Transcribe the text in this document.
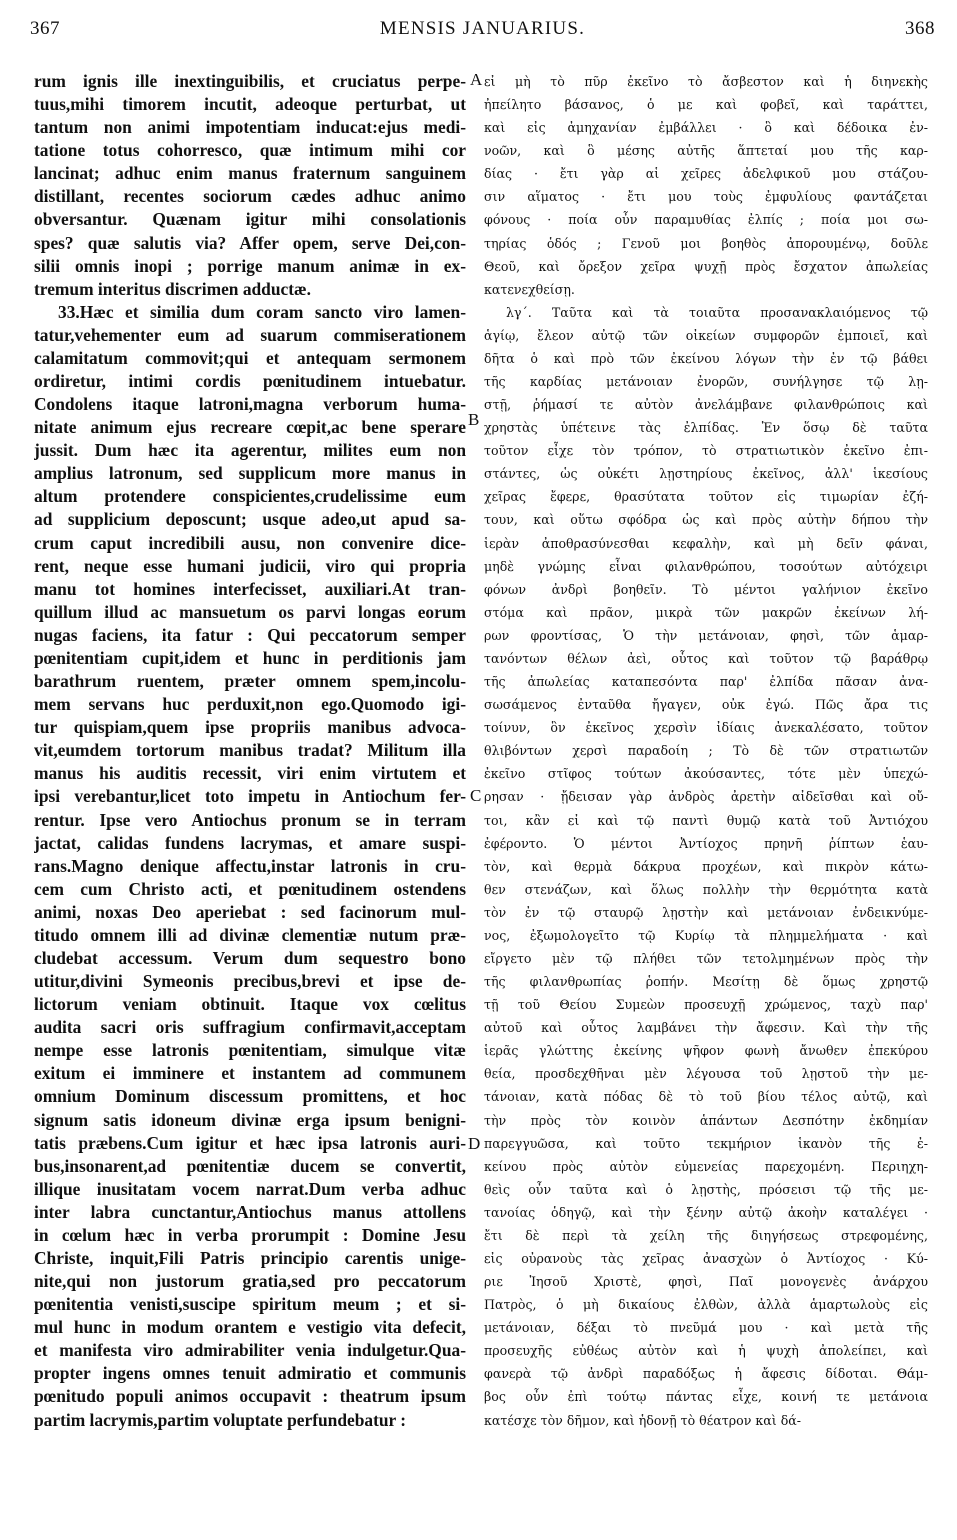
367	MENSIS JANUARIUS.	368
rum ignis ille inextinguibilis, et cruciatus perpe-
tuus,mihi timorem incutit, adeoque perturbat, ut
tantum non animi impotentiam inducat:ejus medi-
tatione totus cohorresco, quæ intimum mihi cor
lancinat; adhuc enim manus fraternum sanguinem
distillant, recentes sociorum cædes adhuc animo
obversantur. Quænam igitur mihi consolationis
spes? quæ salutis via? Affer opem, serve Dei,con-
silii omnis inopi ; porrige manum animæ in ex-
tremum interitus discrimen adductæ.
33.Hæc et similia dum coram sancto viro lamen-
tatur,vehementer eum ad suarum commiserationem
calamitatum commovit;qui et antequam sermonem
ordiretur, intimi cordis pœnitudinem intuebatur.
Condolens itaque latroni,magna verborum huma-
nitate animum ejus recreare cœpit,ac bene sperare
jussit. Dum hæc ita agerentur, milites eum non
amplius latronum, sed supplicum more manus in
altum protendere conspicientes,crudelissime eum
ad supplicium deposcunt; usque adeo,ut apud sa-
crum caput incredibili ausu, non convenire dice-
rent, neque esse humani judicii, viro qui propria
manu tot homines interfecisset, auxiliari.At tran-
quillum illud ac mansuetum os parvi longas eorum
nugas faciens, ita fatur : Qui peccatorum semper
pœnitentiam cupit,idem et hunc in perditionis jam
barathrum ruentem, præter omnem spem,incolu-
mem servans huc perduxit,non ego.Quomodo igi-
tur quispiam,quem ipse propriis manibus advoca-
vit,eumdem tortorum manibus tradat? Militum illa
manus his auditis recessit, viri enim virtutem et
ipsi verebantur,licet toto impetu in Antiochum fer-
rentur. Ipse vero Antiochus pronum se in terram
jactat, calidas fundens lacrymas, et amare suspi-
rans.Magno denique affectu,instar latronis in cru-
cem cum Christo acti, et pœnitudinem ostendens
animi, noxas Deo aperiebat : sed facinorum mul-
titudo omnem illi ad divinæ clementiæ nutum præ-
cludebat accessum. Verum dum sequestro bono
utitur,divini Symeonis precibus,brevi et ipse de-
lictorum veniam obtinuit. Itaque vox cœlitus
audita sacri oris suffragium confirmavit,acceptam
nempe esse latronis pœnitentiam, simulque vitæ
exitum ei imminere et instantem ad communem
omnium Dominum discessum promittens, et hoc
signum satis idoneum divinæ erga ipsum benigni-
tatis præbens.Cum igitur et hæc ipsa latronis auri-
bus,insonarent,ad pœnitentiæ ducem se convertit,
illique inusitatam vocem narrat.Dum verba adhuc
inter labra cunctantur,Antiochus manus attollens
in cœlum hæc in verba prorumpit : Domine Jesu
Christe, inquit,Fili Patris principio carentis unige-
nite,qui non justorum gratia,sed pro peccatorum
pœnitentia venisti,suscipe spiritum meum ; et si-
mul hunc in modum orantem e vestigio vita defecit,
et manifesta viro admirabiliter venia indulgetur.Qua-
propter ingens omnes tenuit admiratio et communis
pœnitudo populi animos occupavit : theatrum ipsum
partim lacrymis,partim voluptate perfundebatur :
εἰ μὴ τὸ πῦρ ἐκεῖνο τὸ ἄσβεστον καὶ ἡ διηνεκὴς
ἠπείλητο βάσανος, ὁ με καὶ φοβεῖ, καὶ ταράττει,
καὶ εἰς ἀμηχανίαν ἐμβάλλει · ὃ καὶ δέδοικα ἐν-
νοῶν, καὶ ὃ μέσης αὐτῆς ἅπτεταί μου τῆς καρ-
δίας · ἔτι γὰρ αἱ χεῖρες ἀδελφικοῦ μου στάζου-
σιν αἵματος · ἔτι μου τοὺς ἐμφυλίους φαντάζεται
φόνους · ποία οὖν παραμυθίας ἐλπίς ; ποία μοι σω-
τηρίας ὁδός ; Γενοῦ μοι βοηθὸς ἀπορουμένῳ, δοῦλε
Θεοῦ, καὶ ὄρεξον χεῖρα ψυχῇ πρὸς ἔσχατον ἀπωλείας
κατενεχθείσῃ.
λγ΄. Ταῦτα καὶ τὰ τοιαῦτα προσανακλαιόμενος τῷ
ἁγίῳ, ἔλεον αὐτῷ τῶν οἰκείων συμφορῶν ἐμποιεῖ, καὶ
δῆτα ὁ καὶ πρὸ τῶν ἐκείνου λόγων τὴν ἐν τῷ βάθει
τῆς καρδίας μετάνοιαν ἐνορῶν, συνήλγησε τῷ λῃ-
στῇ, ῥήμασί τε αὐτὸν ἀνελάμβανε φιλανθρώποις καὶ
χρηστὰς ὑπέτεινε τὰς ἐλπίδας. Ἐν ὅσῳ δὲ ταῦτα
τοῦτον εἶχε τὸν τρόπον, τὸ στρατιωτικὸν ἐκεῖνο ἐπι-
στάντες, ὡς οὐκέτι λῃστηρίους ἐκεῖνος, ἀλλ' ἱκεσίους
χεῖρας ἔφερε, θρασύτατα τοῦτον εἰς τιμωρίαν ἐζή-
τουν, καὶ οὕτω σφόδρα ὡς καὶ πρὸς αὐτὴν δήπου τὴν
ἱερὰν ἀποθρασύνεσθαι κεφαλὴν, καὶ μὴ δεῖν φάναι,
μηδὲ γνώμης εἶναι φιλανθρώπου, τοσούτων αὐτόχειρι
φόνων ἀνδρὶ βοηθεῖν. Τὸ μέντοι γαλήνιον ἐκεῖνο
στόμα καὶ πρᾶον, μικρὰ τῶν μακρῶν ἐκείνων λή-
ρων φροντίσας, Ὁ τὴν μετάνοιαν, φησὶ, τῶν ἁμαρ-
τανόντων θέλων ἀεὶ, οὗτος καὶ τοῦτον τῷ βαράθρῳ
τῆς ἀπωλείας καταπεσόντα παρ' ἐλπίδα πᾶσαν ἀνα-
σωσάμενος ἐνταῦθα ἤγαγεν, οὐκ ἐγώ. Πῶς ἄρα τις
τοίνυν, ὃν ἐκεῖνος χερσὶν ἰδίαις ἀνεκαλέσατο, τοῦτον
θλιβόντων χερσὶ παραδοίη ; Τὸ δὲ τῶν στρατιωτῶν
ἐκεῖνο στῖφος τούτων ἀκούσαντες, τότε μὲν ὑπεχώ-
ρησαν · ᾔδεισαν γὰρ ἀνδρὸς ἀρετὴν αἰδεῖσθαι καὶ οὔ-
τοι, κἂν εἰ καὶ τῷ παντὶ θυμῷ κατὰ τοῦ Ἀντιόχου
ἐφέροντο. Ὁ μέντοι Ἀντίοχος πρηνῆ ῥίπτων ἑαυ-
τὸν, καὶ θερμὰ δάκρυα προχέων, καὶ πικρὸν κάτω-
θεν στενάζων, καὶ ὅλως πολλὴν τὴν θερμότητα κατὰ
τὸν ἐν τῷ σταυρῷ λῃστὴν καὶ μετάνοιαν ἐνδεικνύμε-
νος, ἐξωμολογεῖτο τῷ Κυρίῳ τὰ πλημμελήματα · καὶ
εἴργετο μὲν τῷ πλήθει τῶν τετολμημένων πρὸς τὴν
τῆς φιλανθρωπίας ῥοπήν. Μεσίτῃ δὲ ὅμως χρηστῷ
τῇ τοῦ Θείου Συμεὼν προσευχῇ χρώμενος, ταχὺ παρ'
αὐτοῦ καὶ οὗτος λαμβάνει τὴν ἄφεσιν. Καὶ τὴν τῆς
ἱερᾶς γλώττης ἐκείνης ψῆφον φωνὴ ἄνωθεν ἐπεκύρου
θεία, προσδεχθῆναι μὲν λέγουσα τοῦ λῃστοῦ τὴν με-
τάνοιαν, κατὰ πόδας δὲ τὸ τοῦ βίου τέλος αὐτῷ, καὶ
τὴν πρὸς τὸν κοινὸν ἁπάντων Δεσπότην ἐκδημίαν
παρεγγυῶσα, καὶ τοῦτο τεκμήριον ἱκανὸν τῆς ἐ-
κείνου πρὸς αὐτὸν εὐμενείας παρεχομένη. Περιηχη-
θεὶς οὖν ταῦτα καὶ ὁ λῃστὴς, πρόσεισι τῷ τῆς με-
τανοίας ὁδηγῷ, καὶ τὴν ξένην αὐτῷ ἀκοὴν καταλέγει ·
ἔτι δὲ περὶ τὰ χείλη τῆς διηγήσεως στρεφομένης,
εἰς οὐρανοὺς τὰς χεῖρας ἀνασχὼν ὁ Ἀντίοχος · Κύ-
ριε Ἰησοῦ Χριστὲ, φησὶ, Παῖ μονογενὲς ἀνάρχου
Πατρὸς, ὁ μὴ δικαίους ἐλθὼν, ἀλλὰ ἁμαρτωλοὺς εἰς
μετάνοιαν, δέξαι τὸ πνεῦμά μου · καὶ μετὰ τῆς
προσευχῆς εὐθέως αὐτὸν καὶ ἡ ψυχὴ ἀπολείπει, καὶ
φανερὰ τῷ ἀνδρὶ παραδόξως ἡ ἄφεσις δίδοται. Θάμ-
βος οὖν ἐπὶ τούτῳ πάντας εἶχε, κοινή τε μετάνοια
κατέσχε τὸν δῆμον, καὶ ἡδονῇ τὸ θέατρον καὶ δά-
A
B
C
D
